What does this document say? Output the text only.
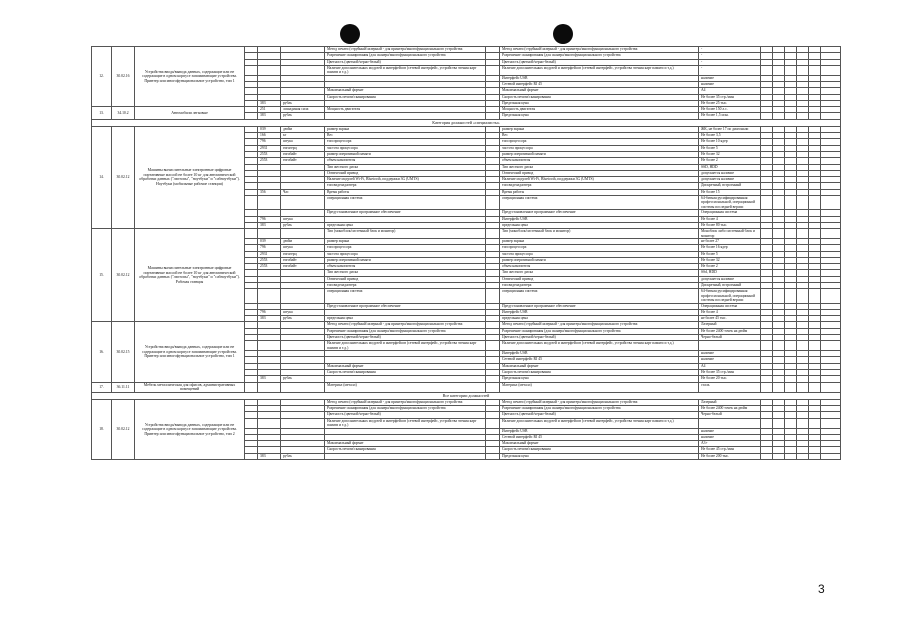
12.	30.02.16	Устройства ввода/вывода данных, содержащие или не содержащие в одном корпусе запоминающие устройства. Принтер или многофункциональное устройство, тип 1				Метод печати (струйный/лазерный - для принтера/многофункционального устройства		Метод печати (струйный/лазерный - для принтера/многофункционального устройства	-						
						Разрешение сканирования (для сканера/многофункционального устройства		Разрешение сканирования (для сканера/многофункционального устройства	-						
						Цветность (цветной/черно-белый)		Цветность (цветной/черно-белый)	-						
						Наличие дополнительных модулей и интерфейсов (сетевой интерфейс, устройства чтения карт памяти и т.д.)		Наличие дополнительных модулей и интерфейсов (сетевой интерфейс, устройства чтения карт памяти и т.д.)	-						
								Интерфейс USB	наличие						
								Сетевой интерфейс RJ 45	наличие						
						Максимальный формат		Максимальный формат	А4						
						Скорость печати/сканирования		Скорость печати/сканирования	Не более 35 стр./мин						
				383	рубль			Предельная цена	Не более 25 тыс.						
13.	34.10.2	Автомобили легковые		251	лошадиная сила	Мощность двигателя		Мощность двигателя	Не более 150 л.с.						
				383	рубль			Предельная цена	Не более 1,5 млн.						
Категория должностей «специалисты»															
14.	30.02.12	Машины вычислительные электронные цифровые портативные массой не более 10 кг для автоматической обработки данных ("лэптопы", "ноутбуки" и "сабноутбуки"). Ноутбуки (мобильные рабочие станции)		039	дюйм	размер экрана		размер экрана	ЖК, не более 17 по диагонали						
				166	кг	Вес		Вес	Не более 3,5						
				796	штука	тип процессора		тип процессора	Не более 10 ядер						
				2931	гигагерц	частота процессора		частота процессора	Не более 5						
				2553	гигабайт	размер оперативной памяти		размер оперативной памяти	Не более 32						
				2553	гигабайт	объем накопителя		объем накопителя	Не более 2						
						Тип жесткого диска		Тип жесткого диска	SSD, HDD						
						Оптический привод		Оптический привод	допускается наличие						
						Наличие модулей Wi-Fi, Bluetooth, поддержки 3G (UMTS)		Наличие модулей Wi-Fi, Bluetooth, поддержки 3G (UMTS)	допускается наличие						
						тип видеоадаптера		тип видеоадаптера	Дискретный, встроенный						
				356	Час	Время работы		Время работы	Не более 15						
						операционная система		операционная система	64-битная русифицированная профессиональной, операционной системы последней версии						
						Предустановленное программное обеспечение		Предустановленное программное обеспечение	Операционная система						
				796	штука			Интерфейс USB	Не более 4						
				383	рубль	предельная цена		предельная цена	Не более 80 тыс.						
15.	30.02.12	Машины вычислительные электронные цифровые портативные массой не более 10 кг для автоматической обработки данных ("лэптопы", "ноутбуки" и "сабноутбуки"). Рабочая станция				Тип (моноблок/системный блок и монитор)		Тип (моноблок/системный блок и монитор)	Моноблок либо системный блок и монитор						
				039	дюйм	размер экрана		размер экрана	не более 27						
				796	штука	тип процессора		тип процессора	Не более 16 ядер						
				2931	гигагерц	частота процессора		частота процессора	Не более 5						
				2553	гигабайт	размер оперативной памяти		размер оперативной памяти	Не более 32						
				2553	гигабайт	объем накопителя		объем накопителя	Не более 2						
						Тип жесткого диска		Тип жесткого диска	SSd, HDD						
						Оптический привод		Оптический привод	допускается наличие						
						тип видеоадаптера		тип видеоадаптера	Дискретный, встроенный						
						операционная система		операционная система	64-битная русифицированная профессиональной, операционной системы последней версии						
						Предустановленное программное обеспечение		Предустановленное программное обеспечение	Операционная система						
				796	штука			Интерфейс USB	Не более 4						
				383	рубль	предельная цена		предельная цена	не более 45 тыс.						
16.	30.02.15	Устройства ввода/вывода данных, содержащие или не содержащие в одном корпусе запоминающие устройства. Принтер или многофункциональное устройство, тип 1				Метод печати (струйный/лазерный - для принтера/многофункционального устройства		Метод печати (струйный/лазерный - для принтера/многофункционального устройства	Лазерный						
						Разрешение сканирования (для сканера/многофункционального устройства		Разрешение сканирования (для сканера/многофункционального устройства	Не более 2400 точек на дюйм						
						Цветность (цветной/черно-белый)		Цветность (цветной/черно-белый)	Черно-белый						
						Наличие дополнительных модулей и интерфейсов (сетевой интерфейс, устройства чтения карт памяти и т.д.)		Наличие дополнительных модулей и интерфейсов (сетевой интерфейс, устройства чтения карт памяти и т.д.)							
								Интерфейс USB	наличие						
								Сетевой интерфейс RJ 45	наличие						
						Максимальный формат		Максимальный формат	А4						
						Скорость печати/сканирования		Скорость печати/сканирования	Не более 35 стр./мин						
				383	рубль			Предельная цена	Не более 20 тыс.						
17.	36.11.11	Мебель металлическая для офисов, административных помещений				Материал (металл)		Материал (металл)	сталь						
Все категории должностей															
18.	30.02.12	Устройства ввода/вывода данных, содержащие или не содержащие в одном корпусе запоминающие устройства. Принтер или многофункциональное устройство, тип 2				Метод печати (струйный/лазерный - для принтера/многофункционального устройства		Метод печати (струйный/лазерный - для принтера/многофункционального устройства	Лазерный						
						Разрешение сканирования (для сканера/многофункционального устройства		Разрешение сканирования (для сканера/многофункционального устройства	Не более 2400 точек на дюйм						
						Цветность (цветной/черно-белый)		Цветность (цветной/черно-белый)	Черно-белый						
						Наличие дополнительных модулей и интерфейсов (сетевой интерфейс, устройства чтения карт памяти и т.д.)		Наличие дополнительных модулей и интерфейсов (сетевой интерфейс, устройства чтения карт памяти и т.д.)							
								Интерфейс USB	наличие						
								Сетевой интерфейс RJ 45	наличие						
						Максимальный формат		Максимальный формат	А3+						
						Скорость печати/сканирования		Скорость печати/сканирования	Не более 45 стр./мин						
				383	рубль			Предельная цена	Не более 200 тыс.						
3
